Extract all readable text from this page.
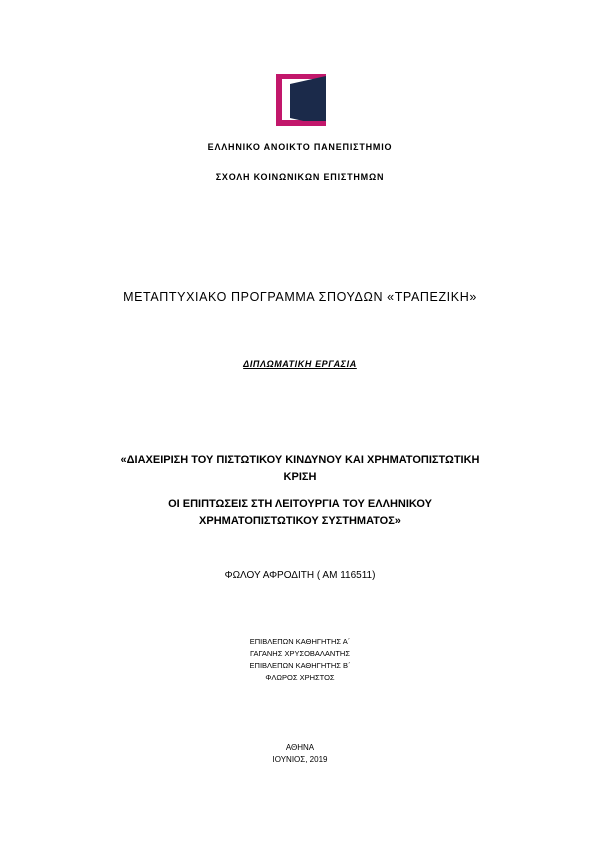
ΕΛΛΗΝΙΚΟ ΑΝΟΙΚΤΟ ΠΑΝΕΠΙΣΤΗΜΙΟ
ΣΧΟΛΗ ΚΟΙΝΩΝΙΚΩΝ ΕΠΙΣΤΗΜΩΝ
ΜΕΤΑΠΤΥΧΙΑΚΟ ΠΡΟΓΡΑΜΜΑ ΣΠΟΥΔΩΝ «ΤΡΑΠΕΖΙΚΗ»
ΔΙΠΛΩΜΑΤΙΚΗ ΕΡΓΑΣΙΑ
«ΔΙΑΧΕΙΡΙΣΗ ΤΟΥ ΠΙΣΤΩΤΙΚΟΥ ΚΙΝΔΥΝΟΥ ΚΑΙ ΧΡΗΜΑΤΟΠΙΣΤΩΤΙΚΗ
ΚΡΙΣΗ
ΟΙ ΕΠΙΠΤΩΣΕΙΣ ΣΤΗ ΛΕΙΤΟΥΡΓΙΑ ΤΟΥ ΕΛΛΗΝΙΚΟΥ
ΧΡΗΜΑΤΟΠΙΣΤΩΤΙΚΟΥ ΣΥΣΤΗΜΑΤΟΣ»
ΦΩΛΟΥ ΑΦΡΟΔΙΤΗ ( ΑΜ 116511)
ΕΠΙΒΛΕΠΩΝ ΚΑΘΗΓΗΤΗΣ Α΄
ΓΑΓΑΝΗΣ ΧΡΥΣΟΒΑΛΑΝΤΗΣ
ΕΠΙΒΛΕΠΩΝ ΚΑΘΗΓΗΤΗΣ Β΄
ΦΛΩΡΟΣ ΧΡΗΣΤΟΣ
ΑΘΗΝΑ
ΙΟΥΝΙΟΣ, 2019
